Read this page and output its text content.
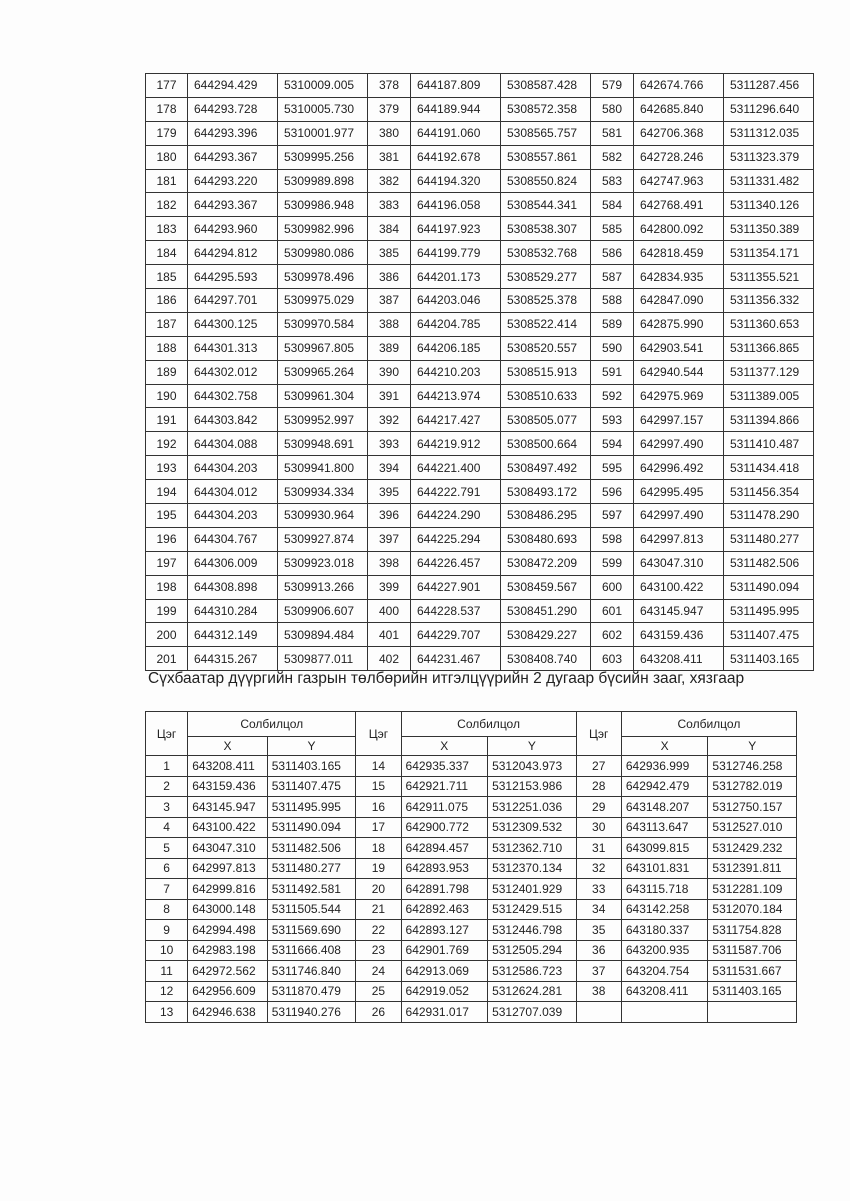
177	644294.429	5310009.005	378	644187.809	5308587.428	579	642674.766	5311287.456
178	644293.728	5310005.730	379	644189.944	5308572.358	580	642685.840	5311296.640
179	644293.396	5310001.977	380	644191.060	5308565.757	581	642706.368	5311312.035
180	644293.367	5309995.256	381	644192.678	5308557.861	582	642728.246	5311323.379
181	644293.220	5309989.898	382	644194.320	5308550.824	583	642747.963	5311331.482
182	644293.367	5309986.948	383	644196.058	5308544.341	584	642768.491	5311340.126
183	644293.960	5309982.996	384	644197.923	5308538.307	585	642800.092	5311350.389
184	644294.812	5309980.086	385	644199.779	5308532.768	586	642818.459	5311354.171
185	644295.593	5309978.496	386	644201.173	5308529.277	587	642834.935	5311355.521
186	644297.701	5309975.029	387	644203.046	5308525.378	588	642847.090	5311356.332
187	644300.125	5309970.584	388	644204.785	5308522.414	589	642875.990	5311360.653
188	644301.313	5309967.805	389	644206.185	5308520.557	590	642903.541	5311366.865
189	644302.012	5309965.264	390	644210.203	5308515.913	591	642940.544	5311377.129
190	644302.758	5309961.304	391	644213.974	5308510.633	592	642975.969	5311389.005
191	644303.842	5309952.997	392	644217.427	5308505.077	593	642997.157	5311394.866
192	644304.088	5309948.691	393	644219.912	5308500.664	594	642997.490	5311410.487
193	644304.203	5309941.800	394	644221.400	5308497.492	595	642996.492	5311434.418
194	644304.012	5309934.334	395	644222.791	5308493.172	596	642995.495	5311456.354
195	644304.203	5309930.964	396	644224.290	5308486.295	597	642997.490	5311478.290
196	644304.767	5309927.874	397	644225.294	5308480.693	598	642997.813	5311480.277
197	644306.009	5309923.018	398	644226.457	5308472.209	599	643047.310	5311482.506
198	644308.898	5309913.266	399	644227.901	5308459.567	600	643100.422	5311490.094
199	644310.284	5309906.607	400	644228.537	5308451.290	601	643145.947	5311495.995
200	644312.149	5309894.484	401	644229.707	5308429.227	602	643159.436	5311407.475
201	644315.267	5309877.011	402	644231.467	5308408.740	603	643208.411	5311403.165
Сүхбаатар дүүргийн газрын төлбөрийн итгэлцүүрийн 2 дугаар бүсийн зааг, хязгаар
Цэг	Солбилцол		Цэг	Солбилцол		Цэг	Солбилцол	
	X	Y		X	Y		X	Y
1	643208.411	5311403.165	14	642935.337	5312043.973	27	642936.999	5312746.258
2	643159.436	5311407.475	15	642921.711	5312153.986	28	642942.479	5312782.019
3	643145.947	5311495.995	16	642911.075	5312251.036	29	643148.207	5312750.157
4	643100.422	5311490.094	17	642900.772	5312309.532	30	643113.647	5312527.010
5	643047.310	5311482.506	18	642894.457	5312362.710	31	643099.815	5312429.232
6	642997.813	5311480.277	19	642893.953	5312370.134	32	643101.831	5312391.811
7	642999.816	5311492.581	20	642891.798	5312401.929	33	643115.718	5312281.109
8	643000.148	5311505.544	21	642892.463	5312429.515	34	643142.258	5312070.184
9	642994.498	5311569.690	22	642893.127	5312446.798	35	643180.337	5311754.828
10	642983.198	5311666.408	23	642901.769	5312505.294	36	643200.935	5311587.706
11	642972.562	5311746.840	24	642913.069	5312586.723	37	643204.754	5311531.667
12	642956.609	5311870.479	25	642919.052	5312624.281	38	643208.411	5311403.165
13	642946.638	5311940.276	26	642931.017	5312707.039			
